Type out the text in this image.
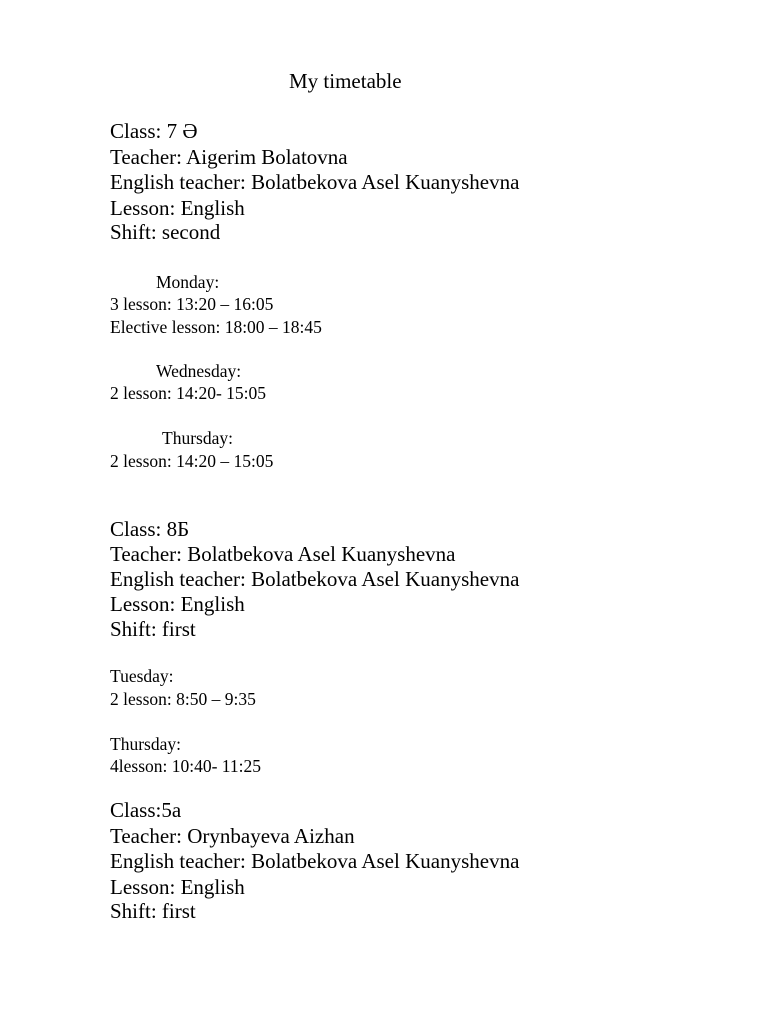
My timetable
Class: 7 Ә
Teacher: Aigerim Bolatovna
English teacher: Bolatbekova Asel Kuanyshevna
Lesson: English
Shift: second
Monday:
3 lesson: 13:20 – 16:05
Elective lesson: 18:00 – 18:45
Wednesday:
2 lesson: 14:20- 15:05
Thursday:
2 lesson: 14:20 – 15:05
Class: 8Б
Teacher: Bolatbekova Asel Kuanyshevna
English teacher: Bolatbekova Asel Kuanyshevna
Lesson: English
Shift: first
Tuesday:
2 lesson: 8:50 – 9:35
Thursday:
4lesson: 10:40- 11:25
Class:5a
Teacher: Orynbayeva Aizhan
English teacher: Bolatbekova Asel Kuanyshevna
Lesson: English
Shift: first
